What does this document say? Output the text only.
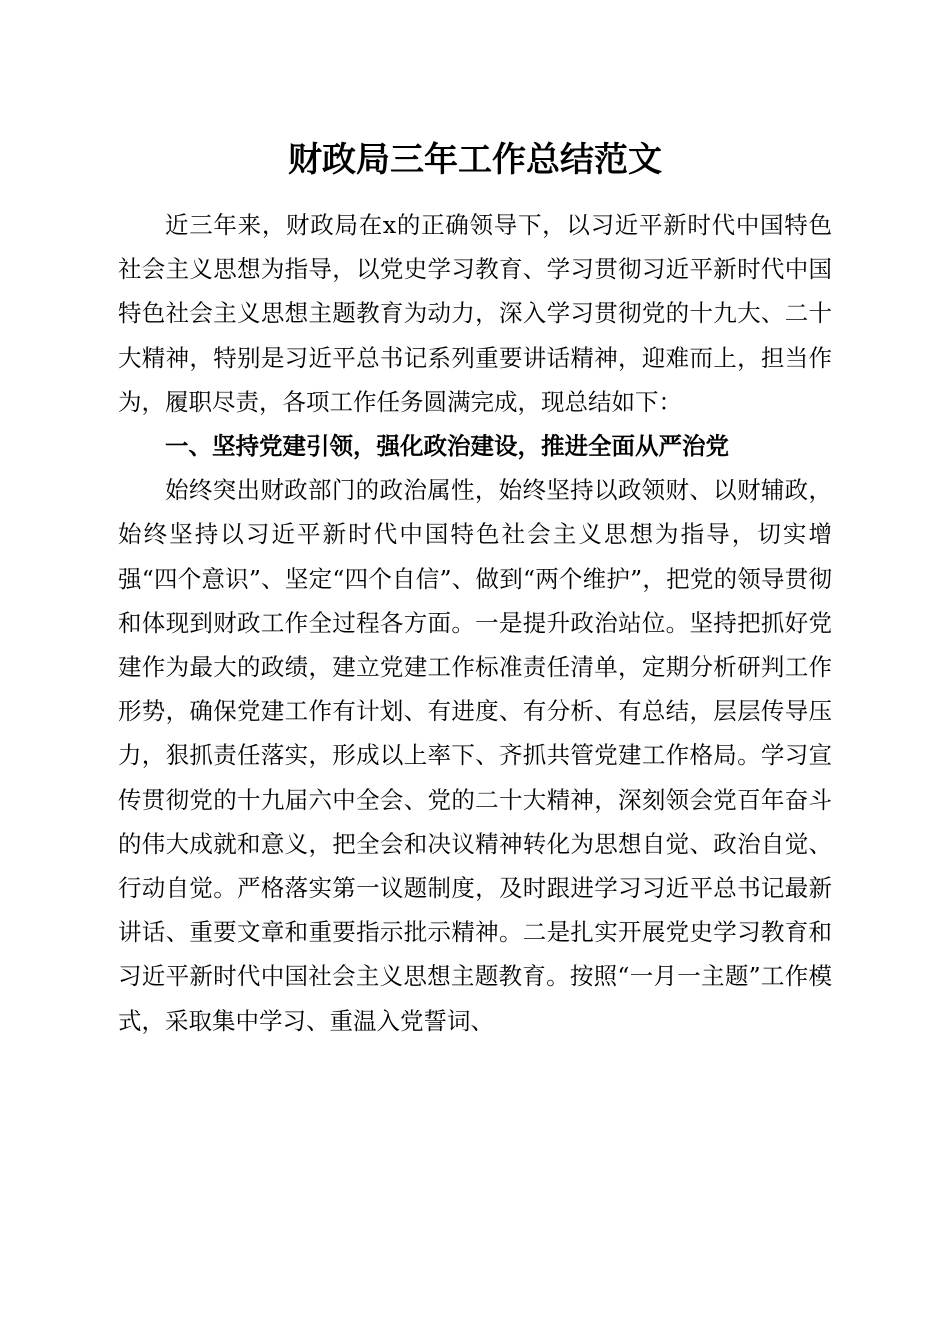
财政局三年工作总结范文

近三年来，财政局在x的正确领导下，以习近平新时代中国特色社会主义思想为指导，以党史学习教育、学习贯彻习近平新时代中国特色社会主义思想主题教育为动力，深入学习贯彻党的十九大、二十大精神，特别是习近平总书记系列重要讲话精神，迎难而上，担当作为，履职尽责，各项工作任务圆满完成，现总结如下：

一、坚持党建引领，强化政治建设，推进全面从严治党

始终突出财政部门的政治属性，始终坚持以政领财、以财辅政，始终坚持以习近平新时代中国特色社会主义思想为指导，切实增强“四个意识”、坚定“四个自信”、做到“两个维护”，把党的领导贯彻和体现到财政工作全过程各方面。一是提升政治站位。坚持把抓好党建作为最大的政绩，建立党建工作标准责任清单，定期分析研判工作形势，确保党建工作有计划、有进度、有分析、有总结，层层传导压力，狠抓责任落实，形成以上率下、齐抓共管党建工作格局。学习宣传贯彻党的十九届六中全会、党的二十大精神，深刻领会党百年奋斗的伟大成就和意义，把全会和决议精神转化为思想自觉、政治自觉、行动自觉。严格落实第一议题制度，及时跟进学习习近平总书记最新讲话、重要文章和重要指示批示精神。二是扎实开展党史学习教育和习近平新时代中国社会主义思想主题教育。按照“一月一主题”工作模式，采取集中学习、重温入党誓词、
